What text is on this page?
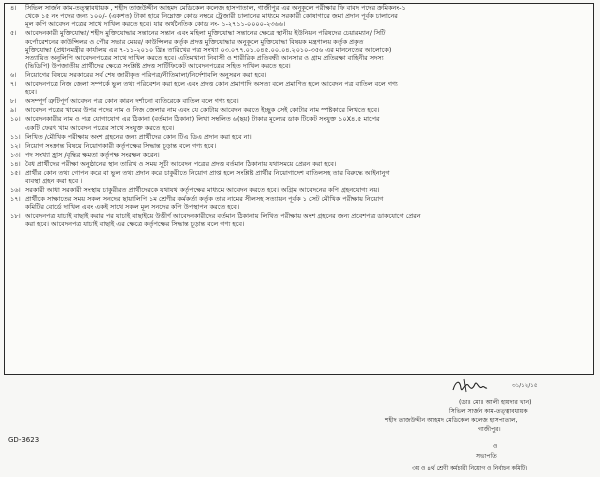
৪। সিভিল সার্জন কাম-তত্ত্বাবধায়ক , শহীদ তাজউদ্দীন আহমদ মেডিকেল কলেজ হাসপাতাল, গাজীপুর এর অনুকূলে পরীক্ষার ফি বাবদ পদের ক্রমিকনং-১
থেকে ১৫ নং পদের জন্য ১০০/- (একশত) টাকা হারে নিম্নোক্ত কোড নম্বরে ট্রেজারী চালানের মাধ্যমে সরকারী কোষাগারে জমা প্রদান পূর্বক চালানের
মূল কপি আবেদন পত্রের সাথে দাখিল করতে হবে। যার অর্থনৈতিক কোড নং- ১-২৭১১-০০০০-২৩৬৬।
৫। আবেদনকারী মুক্তিযোদ্ধা/ শহীদ মুক্তিযোদ্ধার সন্তানের সন্তান এবং মহিলা মুক্তিযোদ্ধা সন্তানের ক্ষেত্রে স্থানীয় ইউনিয়ন পরিষদের চেয়ারম্যান/ সিটি
কর্পোরেশনের কাউন্সিলর ও পৌর সভার মেয়র/ কাউন্সিলর কর্তৃক প্রদত্ত মুক্তিযোদ্ধার অনুকূলে মুক্তিযোদ্ধা বিষয়ক মন্ত্রণালয় কর্তৃক প্রকৃত
মুক্তিযোদ্ধা (প্রধানমন্ত্রীর কার্যালয় এর ৭-১১-২০১০ খ্রিঃ তারিখের পত্র সংখ্যা ০৩.০৭৭.০১.০৪৫.০০.০৪.২০১০-৩৫৬ এর মাননেতের আলোকে)
সত্যায়িত অনুলিপি আবেদনপত্রের সাথে দাখিল করতে হবে। এতিমখানা নিবাসী ও শারীরিক প্রতিবন্ধী আনসার ও গ্রাম প্রতিরক্ষা বাহিনীর সদস্য
(ভিডিপি) উপজাতীয় প্রার্থীদের ক্ষেত্রে সংশ্লিষ্ট প্রদত্ত সার্টিফিকেট আবেদনপত্রের সহিত দাখিল করতে হবে।
৬। নিয়োগের বিষয়ে সরকারের সর্ব শেষ জারীকৃত পরিপত্র/নীতিমালা/নির্দেশাবলি অনুসরন করা হবে।
৭। আবেদনপত্রে নিজ জেলা সম্পর্কে ভুল তথ্য পরিবেশন করা হলে এবং প্রদত্ত কোন প্রমাণাদি অসত্য বলে প্রমাণিত হলে আবেদন পত্র বাতিল বলে গণ্য
হবে।
৮। অসম্পূর্ণ ত্রুটিপূর্ণ আবেদন পত্র কোন কারন দর্শানো ব্যতিরেকে বাতিল বলে গণ্য হবে।
৯। আবেদন পত্রের খামের উপর পদের নাম ও নিজ জেলার নাম এবং যে কোটায় আবেদন করতে ইচ্ছুক সেই কোটার নাম স্পষ্টকারে লিখতে হবে।
১০। আবেদনকারীর নাম ও পত্র যোগাযোগ এর ঠিকানা (বর্তমান ঠিকানা) লিখা সম্বলিত ৬(ছয়) টাকার মূল্যের ডাক টিকেট সংযুক্ত ১০X৪.৫ মাপের
একটি ফেরৎ খাম আবেদন পত্রের সাথে সংযুক্ত করতে হবে।
১১। লিখিত /মৌখিক পরীক্ষায় অংশ গ্রহনের জন্য প্রার্থীদের কোন টিএ ডিএ প্রদান করা হবে না।
১২। নিয়োগ সংক্রান্ত বিষয়ে নিয়োগকারী কর্তৃপক্ষের সিদ্ধান্ত চূড়ান্ত বলে গণ্য হবে।
১৩। পদ সংখ্যা হ্রাস /বৃদ্ধির ক্ষমতা কর্তৃপক্ষ সংরক্ষন করেন।
১৪। বৈধ প্রার্থীদের পরীক্ষা অনুষ্ঠানের স্থান তারিখ ও সময় সূচী আবেদন পত্রের প্রদত্ত বর্তমান ঠিকানায় যথাসময়ে প্রেরন করা হবে।
১৫। প্রার্থীর কোন তথ্য গোপন করে বা ভুল তথ্য প্রদান করে চাকুরীতে নিয়োগ প্রাপ্ত হলে সংশ্লিষ্ট প্রার্থীর নিয়োগাদেশ বাতিলসহ তার বিরুদ্ধে আইনানুগ
ব্যবস্থা গ্রহন করা হবে ।
১৬। সরকারী আধা সরকারী সংস্থায় চাকুরীরত প্রার্থীদেরকে যথাযথ কর্তৃপক্ষের মাধ্যমে আবেদন করতে হবে। অগ্রিম আবেদনের কপি গ্রহনযোগ্য নয়।
১৭। প্রার্থীকে সাক্ষাতের সময় সকল সনদের ছায়ালিপি ১ম শ্রেণীর কর্মকর্তা কর্তৃক তার নামের সীলসহ সত্যায়ন পূর্বক ১ সেট মৌখিক পরীক্ষায় নিয়োগ
কমিটির বোর্ডে দাখিল এবং একই সাথে সকল মূল সনদের কপি উপস্থাপন করতে হবে।
১৮। আবেদনপত্র যাচাই বাছাই করার পর যাচাই বাছাইয়ে উত্তীর্ণ আবেদনকারীদের বর্তমান ঠিকানায় লিখিত পরীক্ষায় অংশ গ্রহনের জন্য প্রবেশপত্র ডাকযোগে প্রেরন
করা হবে। আবেদনপত্র যাচাই বাছাই এর ক্ষেত্রে কর্তৃপক্ষের সিদ্ধান্ত চূড়ান্ত বলে গণ্য হবে।
৩১/১২/১৫
(ডাঃ মোঃ আলী হায়দার খান)
সিভিল সার্জন কাম-তত্ত্বাবধায়ক
শহীদ তাজউদ্দীন আহমদ মেডিকেল কলেজ হাসপাতাল,
গাজীপুর।
ও
সভাপতি
৩য় ও ৪র্থ শ্রেণী কর্মচারী নিয়োগ ও নির্বাচন কমিটি।
GD-3623
